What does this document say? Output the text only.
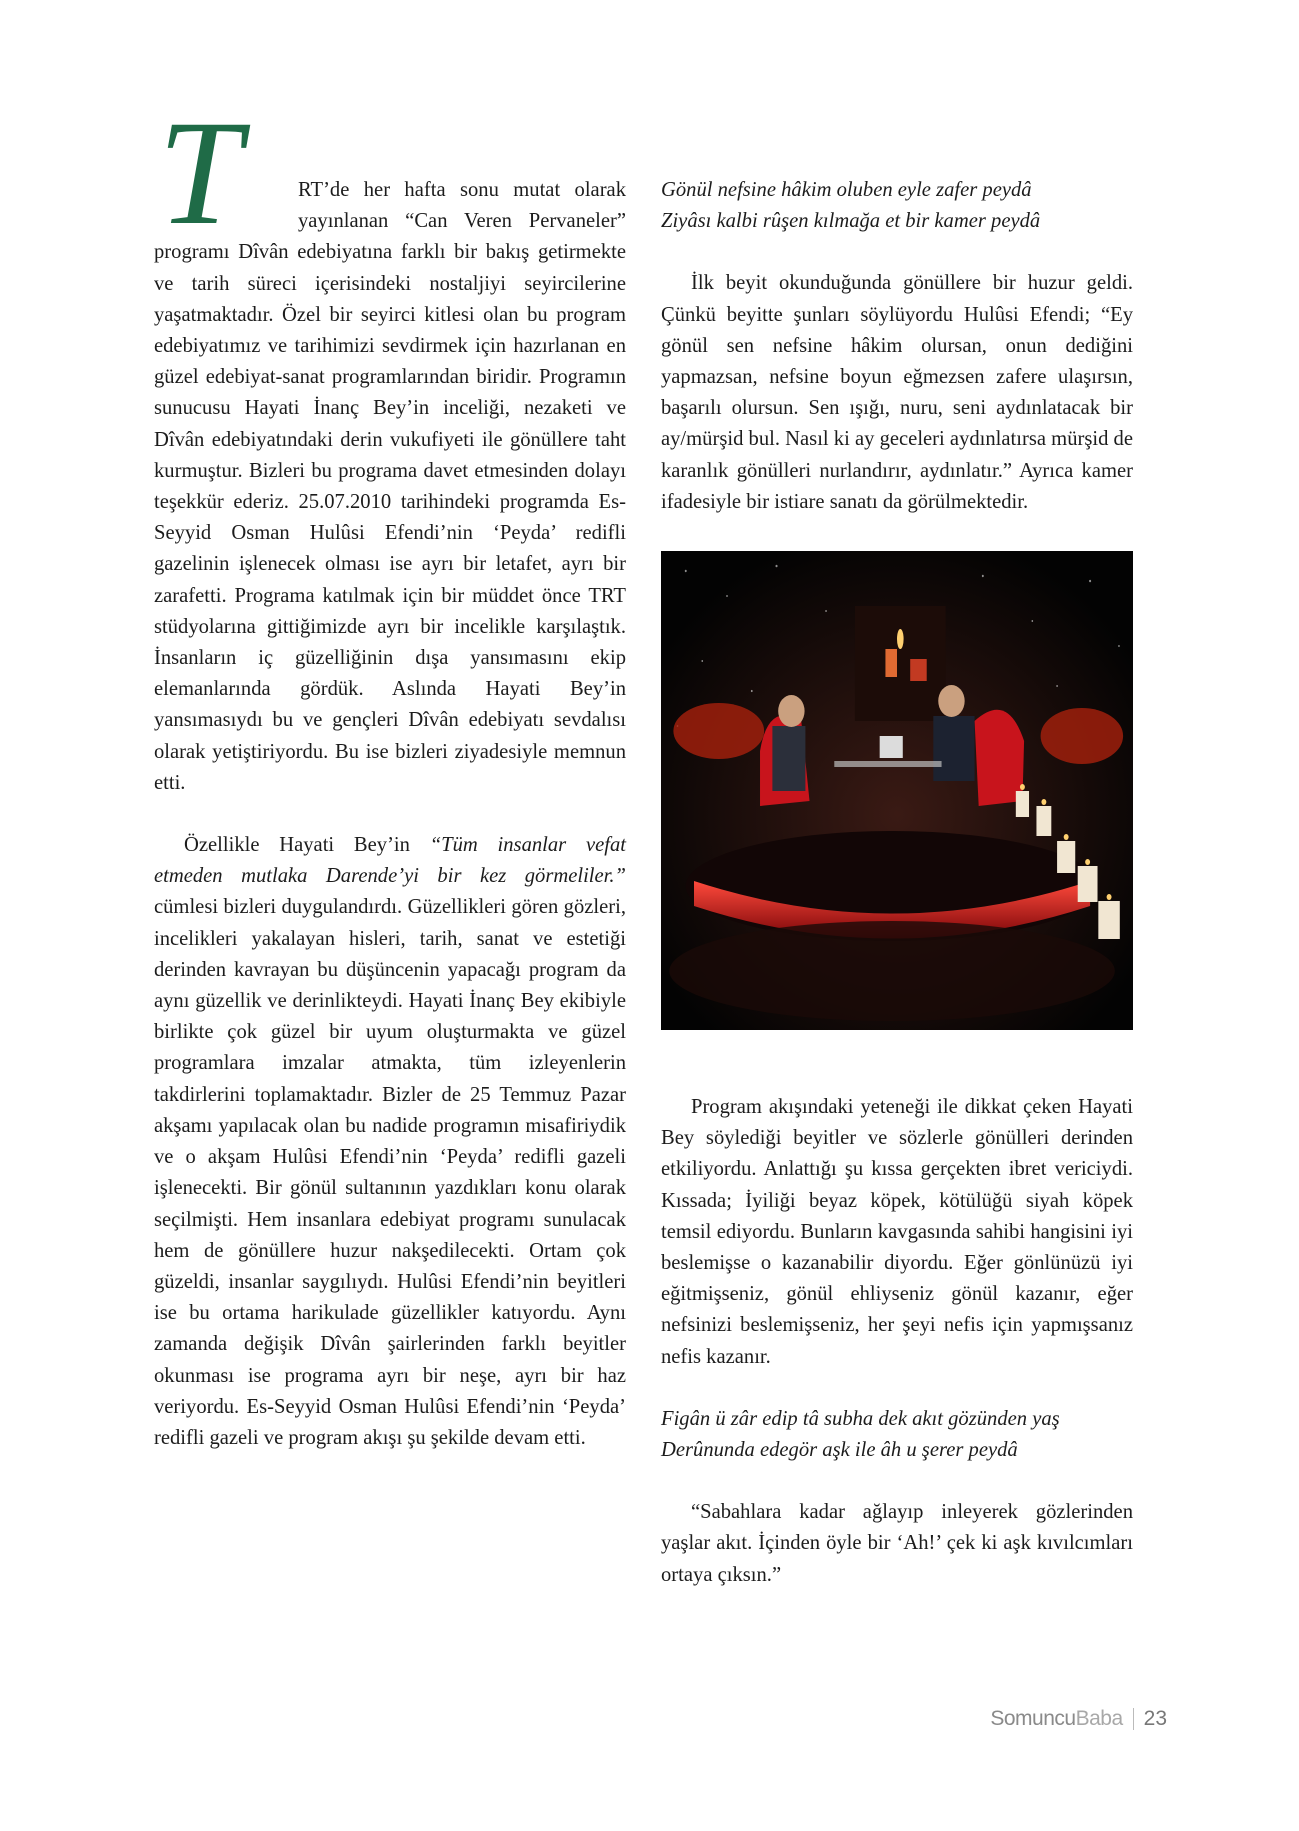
T	RT’de her hafta sonu mutat olarak yayınlanan “Can Veren Pervaneler” programı Dîvân edebiyatına farklı bir bakış getirmekte ve tarih süreci içerisindeki nostaljiyi seyircilerine yaşatmaktadır. Özel bir seyirci kitlesi olan bu program edebiyatımız ve tarihimizi sevdirmek için hazırlanan en güzel edebiyat-sanat programlarından biridir. Programın sunucusu Hayati İnanç Bey’in inceliği, nezaketi ve Dîvân edebiyatındaki derin vukufiyeti ile gönüllere taht kurmuştur. Bizleri bu programa davet etmesinden dolayı teşekkür ederiz. 25.07.2010 tarihindeki programda Es-Seyyid Osman Hulûsi Efendi’nin ‘Peyda’ redifli gazelinin işlenecek olması ise ayrı bir letafet, ayrı bir zarafetti. Programa katılmak için bir müddet önce TRT stüdyolarına gittiğimizde ayrı bir incelikle karşılaştık. İnsanların iç güzelliğinin dışa yansımasını ekip elemanlarında gördük. Aslında Hayati Bey’in yansımasıydı bu ve gençleri Dîvân edebiyatı sevdalısı olarak yetiştiriyordu. Bu ise bizleri ziyadesiyle memnun etti.

Özellikle Hayati Bey’in “Tüm insanlar vefat etmeden mutlaka Darende’yi bir kez görmeliler.” cümlesi bizleri duygulandırdı. Güzellikleri gören gözleri, incelikleri yakalayan hisleri, tarih, sanat ve estetiği derinden kavrayan bu düşüncenin yapacağı program da aynı güzellik ve derinlikteydi. Hayati İnanç Bey ekibiyle birlikte çok güzel bir uyum oluşturmakta ve güzel programlara imzalar atmakta, tüm izleyenlerin takdirlerini toplamaktadır. Bizler de 25 Temmuz Pazar akşamı yapılacak olan bu nadide programın misafiriydik ve o akşam Hulûsi Efendi’nin ‘Peyda’ redifli gazeli işlenecekti. Bir gönül sultanının yazdıkları konu olarak seçilmişti. Hem insanlara edebiyat programı sunulacak hem de gönüllere huzur nakşedilecekti. Ortam çok güzeldi, insanlar saygılıydı. Hulûsi Efendi’nin beyitleri ise bu ortama harikulade güzellikler katıyordu. Aynı zamanda değişik Dîvân şairlerinden farklı beyitler okunması ise programa ayrı bir neşe, ayrı bir haz veriyordu. Es-Seyyid Osman Hulûsi Efendi’nin ‘Peyda’ redifli gazeli ve program akışı şu şekilde devam etti.

Gönül nefsine hâkim oluben eyle zafer peydâ
Ziyâsı kalbi rûşen kılmağa et bir kamer peydâ

İlk beyit okunduğunda gönüllere bir huzur geldi. Çünkü beyitte şunları söylüyordu Hulûsi Efendi; “Ey gönül sen nefsine hâkim olursan, onun dediğini yapmazsan, nefsine boyun eğmezsen zafere ulaşırsın, başarılı olursun. Sen ışığı, nuru, seni aydınlatacak bir ay/mürşid bul. Nasıl ki ay geceleri aydınlatırsa mürşid de karanlık gönülleri nurlandırır, aydınlatır.” Ayrıca kamer ifadesiyle bir istiare sanatı da görülmektedir.

Program akışındaki yeteneği ile dikkat çeken Hayati Bey söylediği beyitler ve sözlerle gönülleri derinden etkiliyordu. Anlattığı şu kıssa gerçekten ibret vericiydi. Kıssada; İyiliği beyaz köpek, kötülüğü siyah köpek temsil ediyordu. Bunların kavgasında sahibi hangisini iyi beslemişse o kazanabilir diyordu. Eğer gönlünüzü iyi eğitmişseniz, gönül ehliyseniz gönül kazanır, eğer nefsinizi beslemişseniz, her şeyi nefis için yapmışsanız nefis kazanır.

Figân ü zâr edip tâ subha dek akıt gözünden yaş
Derûnunda edegör aşk ile âh u şerer peydâ

“Sabahlara kadar ağlayıp inleyerek gözlerinden yaşlar akıt. İçinden öyle bir ‘Ah!’ çek ki aşk kıvılcımları ortaya çıksın.”

Somuncu Baba 23
